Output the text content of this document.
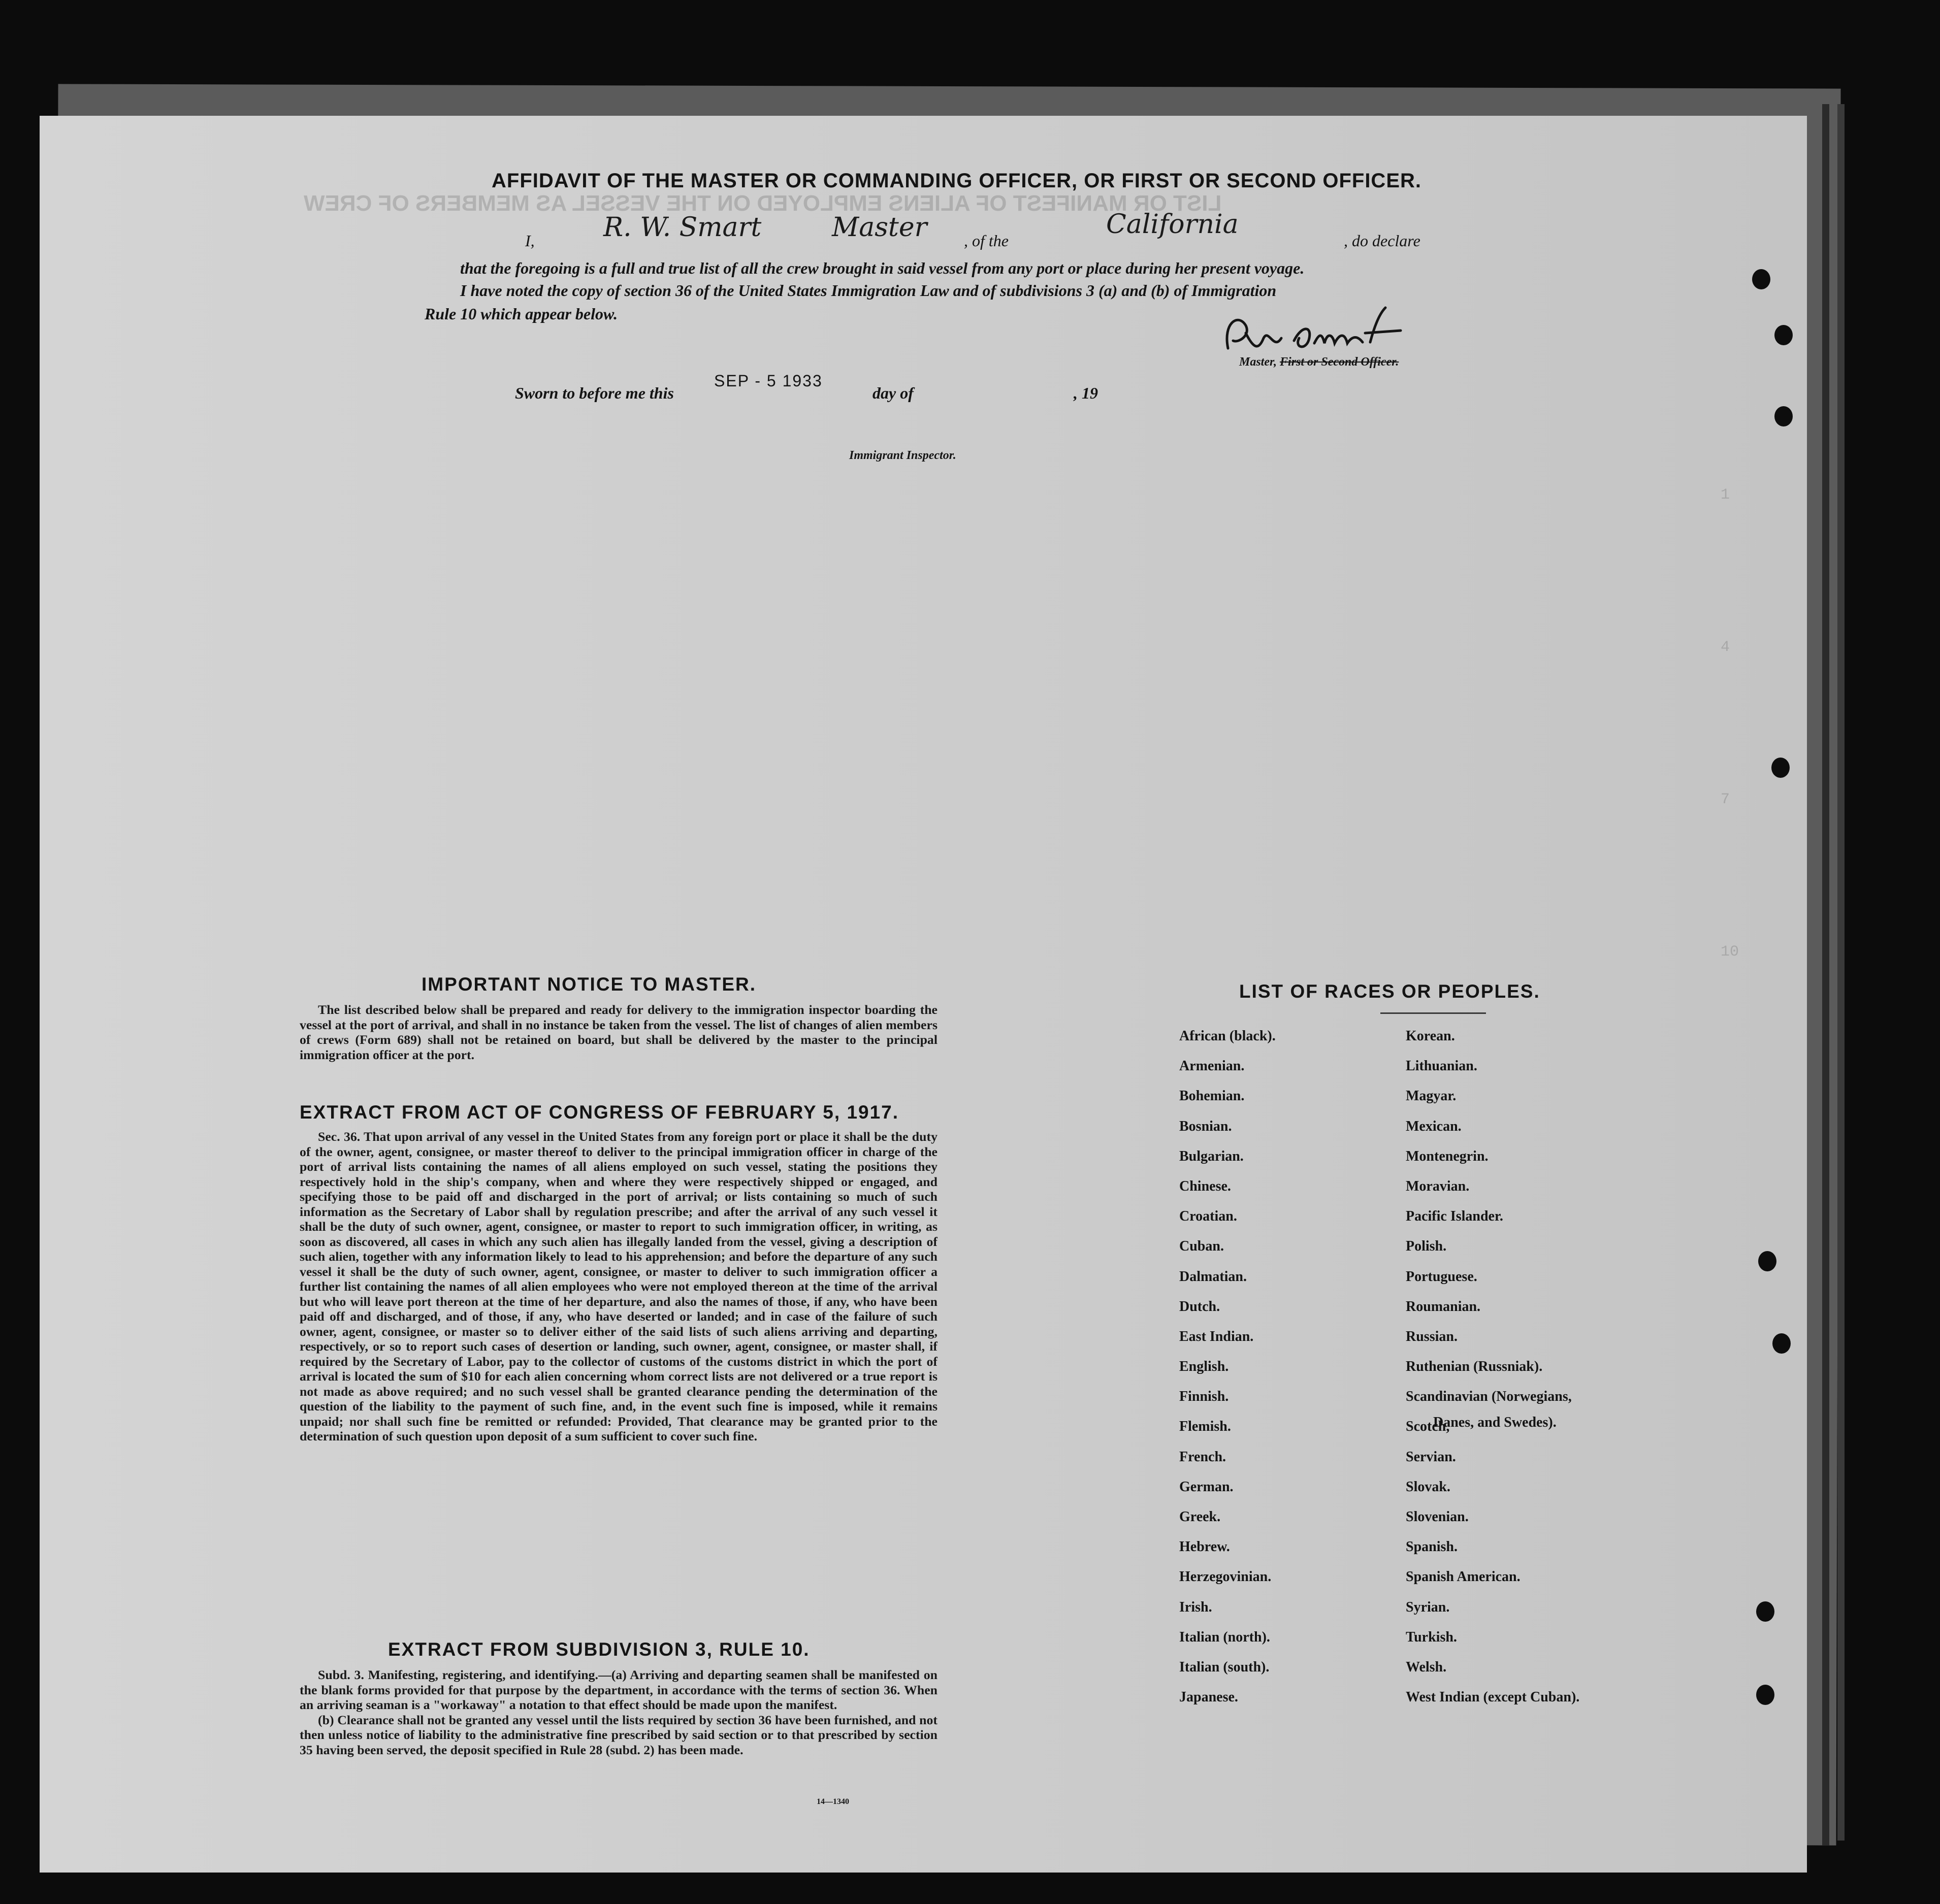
LIST OR MANIFEST OF ALIENS EMPLOYED ON THE VESSEL AS MEMBERS OF CREW
AFFIDAVIT OF THE MASTER OR COMMANDING OFFICER, OR FIRST OR SECOND OFFICER.
I,	R. W. Smart	Master , of the
California
, do declare
that the foregoing is a full and true list of all the crew brought in said vessel from any port or place during her present voyage.
I have noted the copy of section 36 of the United States Immigration Law and of subdivisions 3 (a) and (b) of Immigration
Rule 10 which appear below.
Master, First or Second Officer.
Sworn to before me this
SEP - 5 1933
day of	, 19
Immigrant Inspector.
IMPORTANT NOTICE TO MASTER.

The list described below shall be prepared and ready for delivery to the immigration inspector boarding the vessel at the port of arrival, and shall in no instance be taken from the vessel. The list of changes of alien members of crews (Form 689) shall not be retained on board, but shall be delivered by the master to the principal immigration officer at the port.

EXTRACT FROM ACT OF CONGRESS OF FEBRUARY 5, 1917.

Sec. 36. That upon arrival of any vessel in the United States from any foreign port or place it shall be the duty of the owner, agent, consignee, or master thereof to deliver to the principal immigration officer in charge of the port of arrival lists containing the names of all aliens employed on such vessel, stating the positions they respectively hold in the ship's company, when and where they were respectively shipped or engaged, and specifying those to be paid off and discharged in the port of arrival; or lists containing so much of such information as the Secretary of Labor shall by regulation prescribe; and after the arrival of any such vessel it shall be the duty of such owner, agent, consignee, or master to report to such immigration officer, in writing, as soon as discovered, all cases in which any such alien has illegally landed from the vessel, giving a description of such alien, together with any information likely to lead to his apprehension; and before the departure of any such vessel it shall be the duty of such owner, agent, consignee, or master to deliver to such immigration officer a further list containing the names of all alien employees who were not employed thereon at the time of the arrival but who will leave port thereon at the time of her departure, and also the names of those, if any, who have been paid off and discharged, and of those, if any, who have deserted or landed; and in case of the failure of such owner, agent, consignee, or master so to deliver either of the said lists of such aliens arriving and departing, respectively, or so to report such cases of desertion or landing, such owner, agent, consignee, or master shall, if required by the Secretary of Labor, pay to the collector of customs of the customs district in which the port of arrival is located the sum of $10 for each alien concerning whom correct lists are not delivered or a true report is not made as above required; and no such vessel shall be granted clearance pending the determination of the question of the liability to the payment of such fine, and, in the event such fine is imposed, while it remains unpaid; nor shall such fine be remitted or refunded: Provided, That clearance may be granted prior to the determination of such question upon deposit of a sum sufficient to cover such fine.

EXTRACT FROM SUBDIVISION 3, RULE 10.

Subd. 3. Manifesting, registering, and identifying.—(a) Arriving and departing seamen shall be manifested on the blank forms provided for that purpose by the department, in accordance with the terms of section 36. When an arriving seaman is a "workaway" a notation to that effect should be made upon the manifest.

(b) Clearance shall not be granted any vessel until the lists required by section 36 have been furnished, and not then unless notice of liability to the administrative fine prescribed by said section or to that prescribed by section 35 having been served, the deposit specified in Rule 28 (subd. 2) has been made.

14—1340
LIST OF RACES OR PEOPLES.
African (black).
Armenian.
Bohemian.
Bosnian.
Bulgarian.
Chinese.
Croatian.
Cuban.
Dalmatian.
Dutch.
East Indian.
English.
Finnish.
Flemish.
French.
German.
Greek.
Hebrew.
Herzegovinian.
Irish.
Italian (north).
Italian (south).
Japanese.
Korean.
Lithuanian.
Magyar.
Mexican.
Montenegrin.
Moravian.
Pacific Islander.
Polish.
Portuguese.
Roumanian.
Russian.
Ruthenian (Russniak).
Scandinavian (Norwegians,
Scotch,
Servian.
Slovak.
Slovenian.
Spanish.
Spanish American.
Syrian.
Turkish.
Welsh.
West Indian (except Cuban).
Danes, and Swedes).
1
4
7
10
